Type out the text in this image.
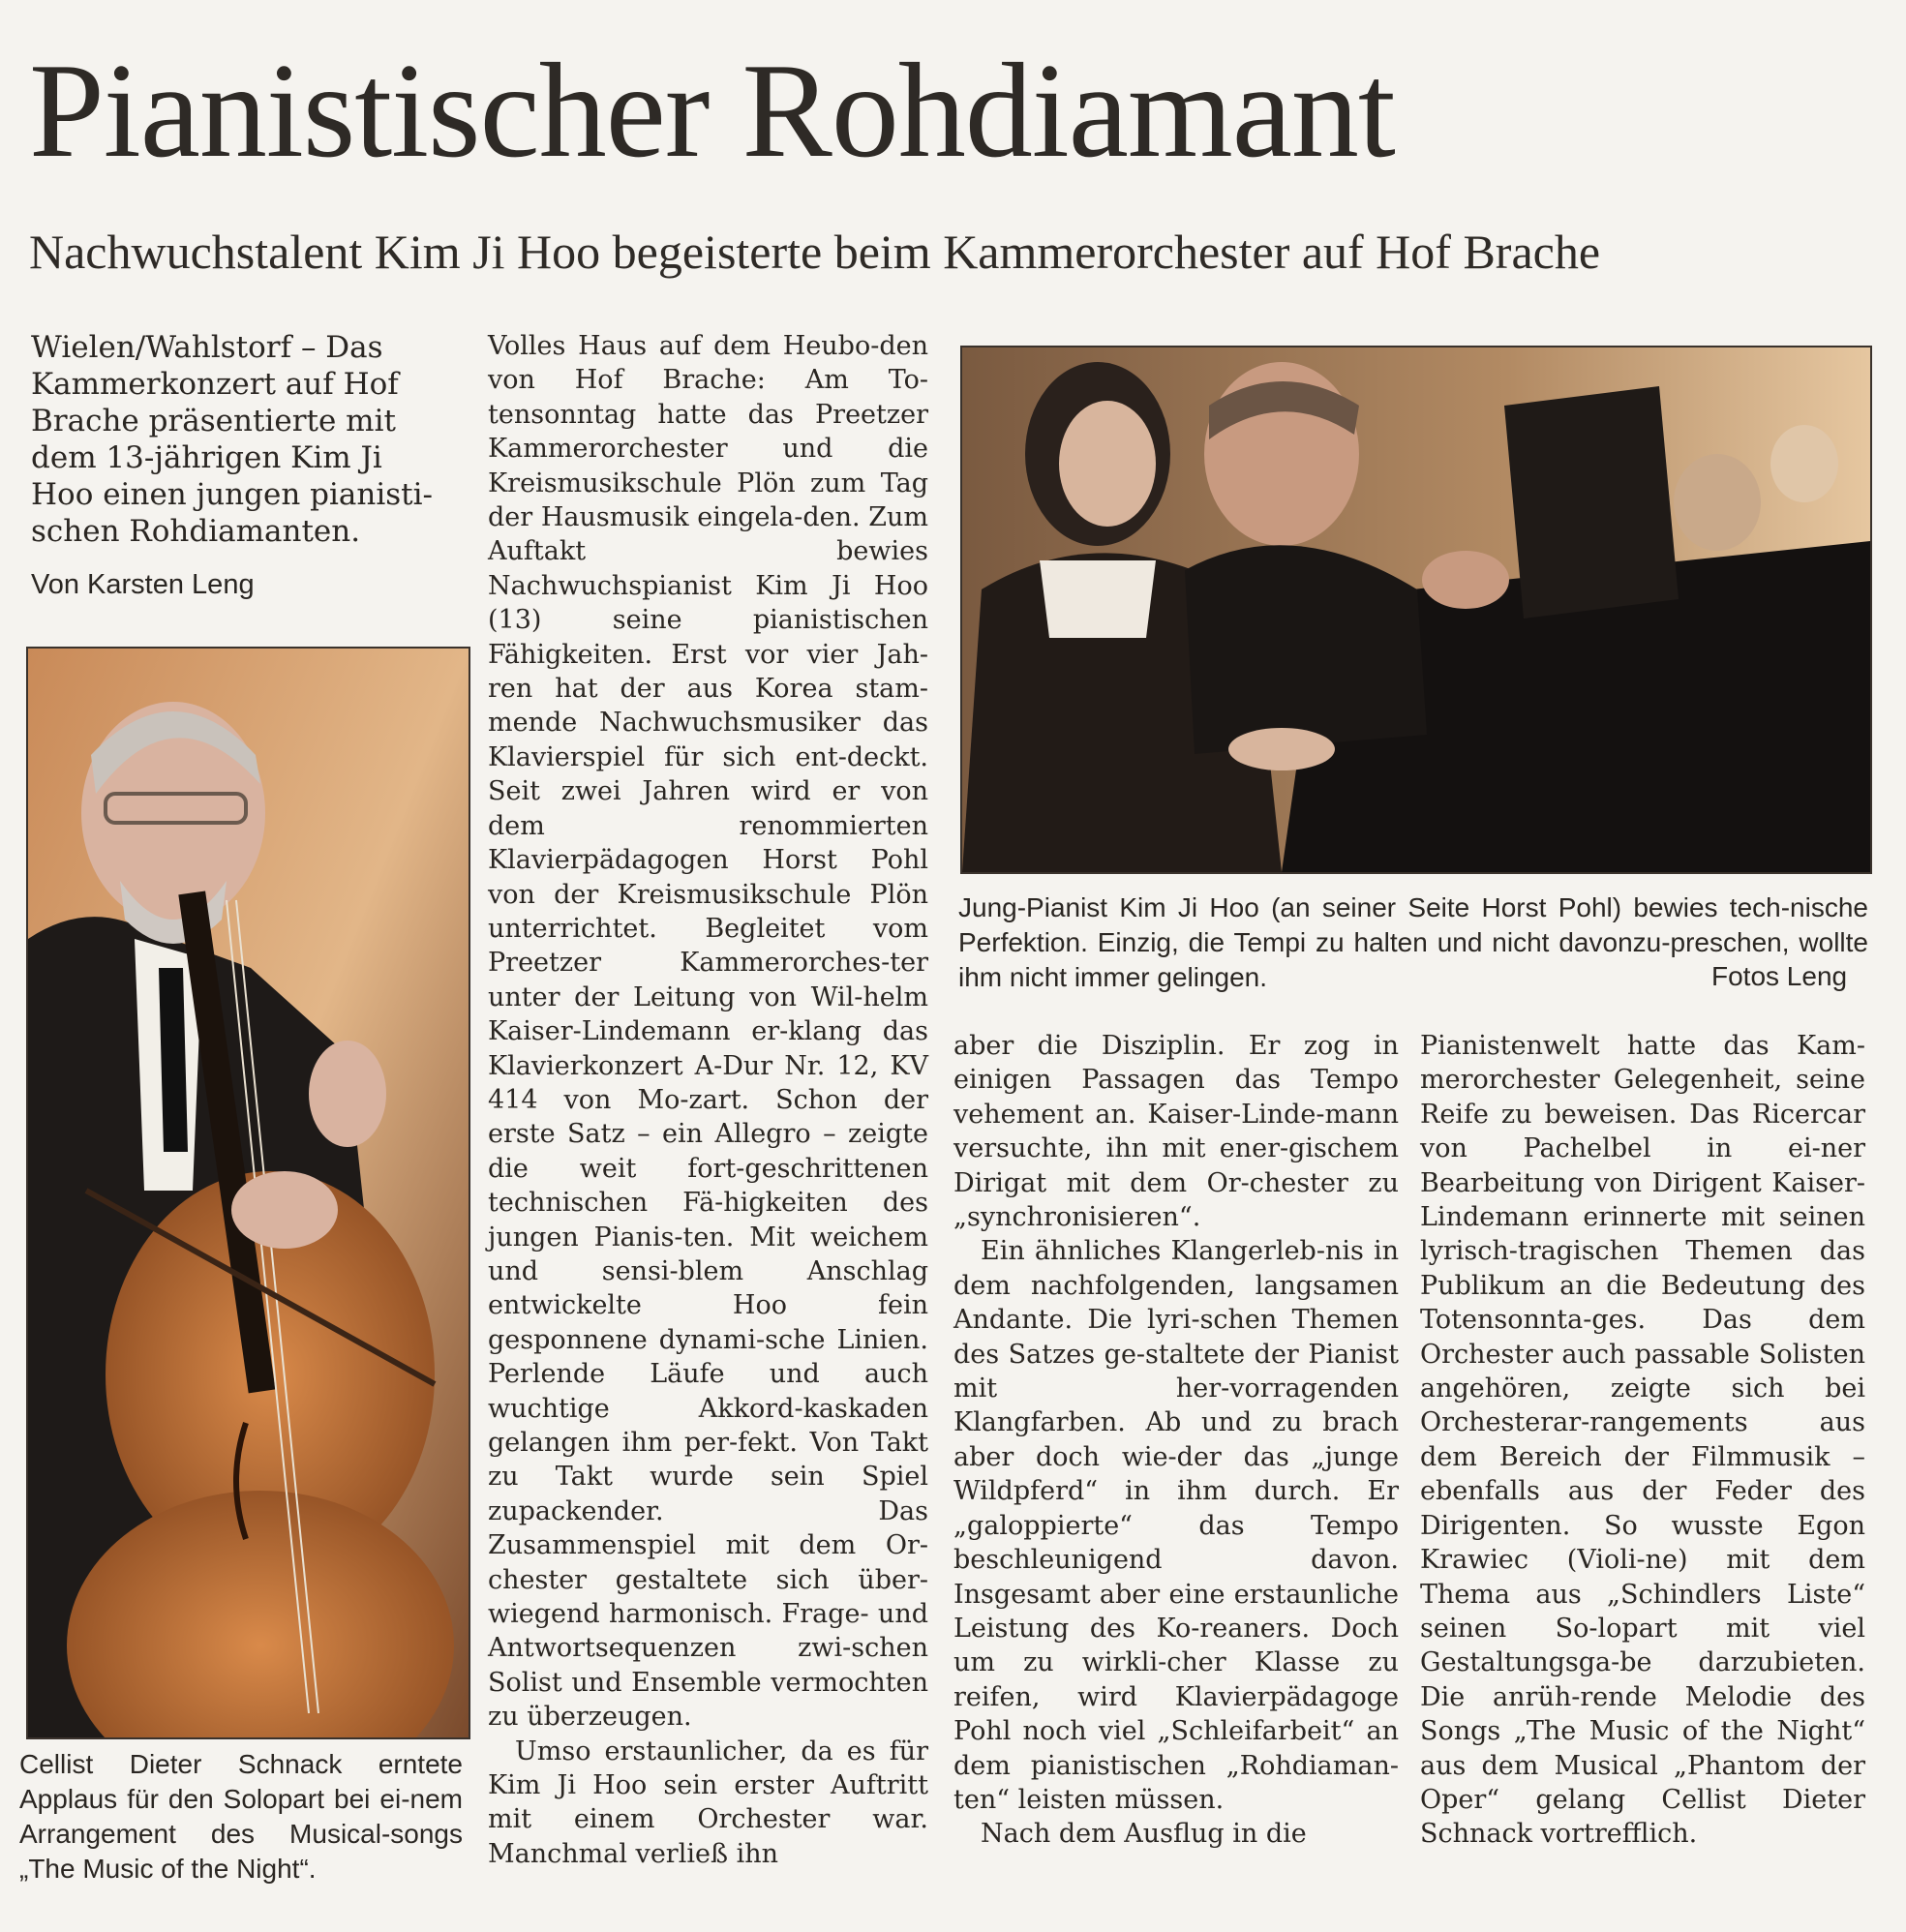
Pianistischer Rohdiamant
Nachwuchstalent Kim Ji Hoo begeisterte beim Kammerorchester auf Hof Brache
Wielen/Wahlstorf – Das Kammerkonzert auf Hof Brache präsentierte mit dem 13-jährigen Kim Ji Hoo einen jungen pianisti-schen Rohdiamanten.
Von Karsten Leng

Volles Haus auf dem Heubo-den von Hof Brache: Am To-tensonntag hatte das Preetzer Kammerorchester und die Kreismusikschule Plön zum Tag der Hausmusik eingela-den. Zum Auftakt bewies Nachwuchspianist Kim Ji Hoo (13) seine pianistischen Fähigkeiten. Erst vor vier Jah-ren hat der aus Korea stam-mende Nachwuchsmusiker das Klavierspiel für sich ent-deckt. Seit zwei Jahren wird er von dem renommierten Klavierpädagogen Horst Pohl von der Kreismusikschule Plön unterrichtet. Begleitet vom Preetzer Kammerorches-ter unter der Leitung von Wil-helm Kaiser-Lindemann er-klang das Klavierkonzert A-Dur Nr. 12, KV 414 von Mo-zart. Schon der erste Satz – ein Allegro – zeigte die weit fort-geschrittenen technischen Fä-higkeiten des jungen Pianis-ten. Mit weichem und sensi-blem Anschlag entwickelte Hoo fein gesponnene dynami-sche Linien. Perlende Läufe und auch wuchtige Akkord-kaskaden gelangen ihm per-fekt. Von Takt zu Takt wurde sein Spiel zupackender. Das Zusammenspiel mit dem Or-chester gestaltete sich über-wiegend harmonisch. Frage- und Antwortsequenzen zwi-schen Solist und Ensemble vermochten zu überzeugen.

Umso erstaunlicher, da es für Kim Ji Hoo sein erster Auftritt mit einem Orchester war. Manchmal verließ ihn

aber die Disziplin. Er zog in einigen Passagen das Tempo vehement an. Kaiser-Linde-mann versuchte, ihn mit ener-gischem Dirigat mit dem Or-chester zu „synchronisieren“.

Ein ähnliches Klangerleb-nis in dem nachfolgenden, langsamen Andante. Die lyri-schen Themen des Satzes ge-staltete der Pianist mit her-vorragenden Klangfarben. Ab und zu brach aber doch wie-der das „junge Wildpferd“ in ihm durch. Er „galoppierte“ das Tempo beschleunigend davon. Insgesamt aber eine erstaunliche Leistung des Ko-reaners. Doch um zu wirkli-cher Klasse zu reifen, wird Klavierpädagoge Pohl noch viel „Schleifarbeit“ an dem pianistischen „Rohdiaman-ten“ leisten müssen.

Nach dem Ausflug in die

Pianistenwelt hatte das Kam-merorchester Gelegenheit, seine Reife zu beweisen. Das Ricercar von Pachelbel in ei-ner Bearbeitung von Dirigent Kaiser-Lindemann erinnerte mit seinen lyrisch-tragischen Themen das Publikum an die Bedeutung des Totensonnta-ges. Das dem Orchester auch passable Solisten angehören, zeigte sich bei Orchesterar-rangements aus dem Bereich der Filmmusik – ebenfalls aus der Feder des Dirigenten. So wusste Egon Krawiec (Violi-ne) mit dem Thema aus „Schindlers Liste“ seinen So-lopart mit viel Gestaltungsga-be darzubieten. Die anrüh-rende Melodie des Songs „The Music of the Night“ aus dem Musical „Phantom der Oper“ gelang Cellist Dieter Schnack vortrefflich.

Cellist Dieter Schnack erntete Applaus für den Solopart bei ei-nem Arrangement des Musical-songs „The Music of the Night“.
Jung-Pianist Kim Ji Hoo (an seiner Seite Horst Pohl) bewies tech-nische Perfektion. Einzig, die Tempi zu halten und nicht davonzu-preschen, wollte ihm nicht immer gelingen.	Fotos Leng
